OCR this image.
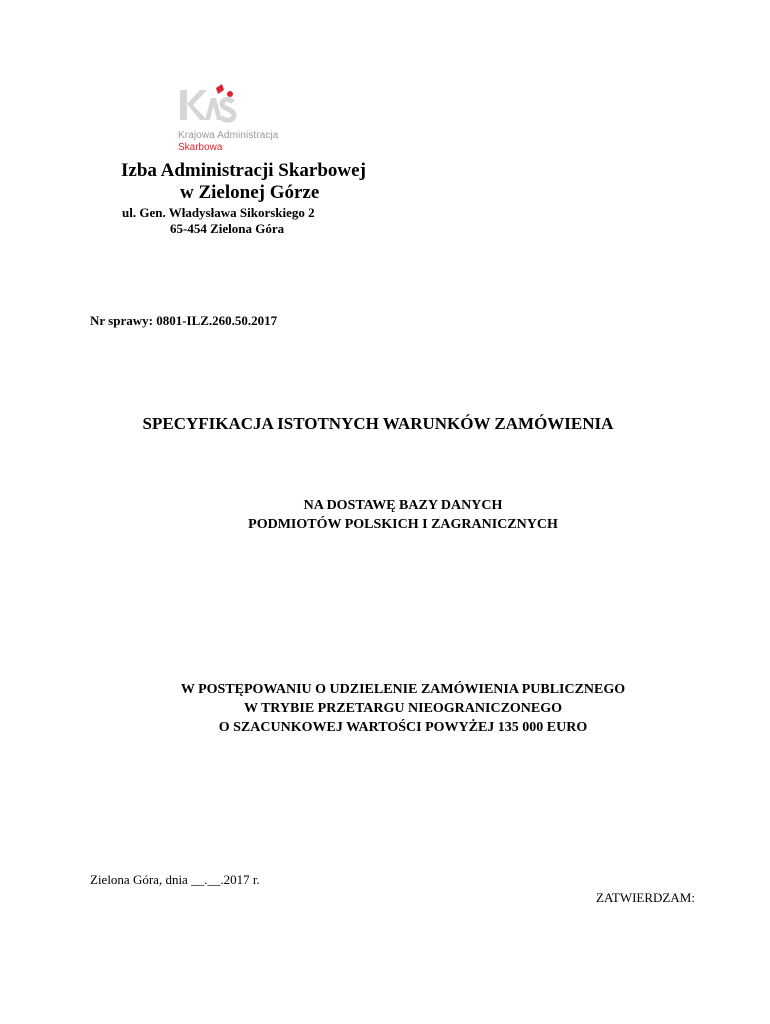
Krajowa Administracja
Skarbowa
Izba Administracji Skarbowej
w Zielonej Górze
ul. Gen. Władysława Sikorskiego 2
65-454 Zielona Góra
Nr sprawy: 0801-ILZ.260.50.2017
SPECYFIKACJA ISTOTNYCH WARUNKÓW ZAMÓWIENIA
NA DOSTAWĘ BAZY DANYCH
PODMIOTÓW POLSKICH I ZAGRANICZNYCH
W POSTĘPOWANIU O UDZIELENIE ZAMÓWIENIA PUBLICZNEGO
W TRYBIE PRZETARGU NIEOGRANICZONEGO
O SZACUNKOWEJ WARTOŚCI POWYŻEJ 135 000 EURO
Zielona Góra, dnia __.__.2017 r.
ZATWIERDZAM:
